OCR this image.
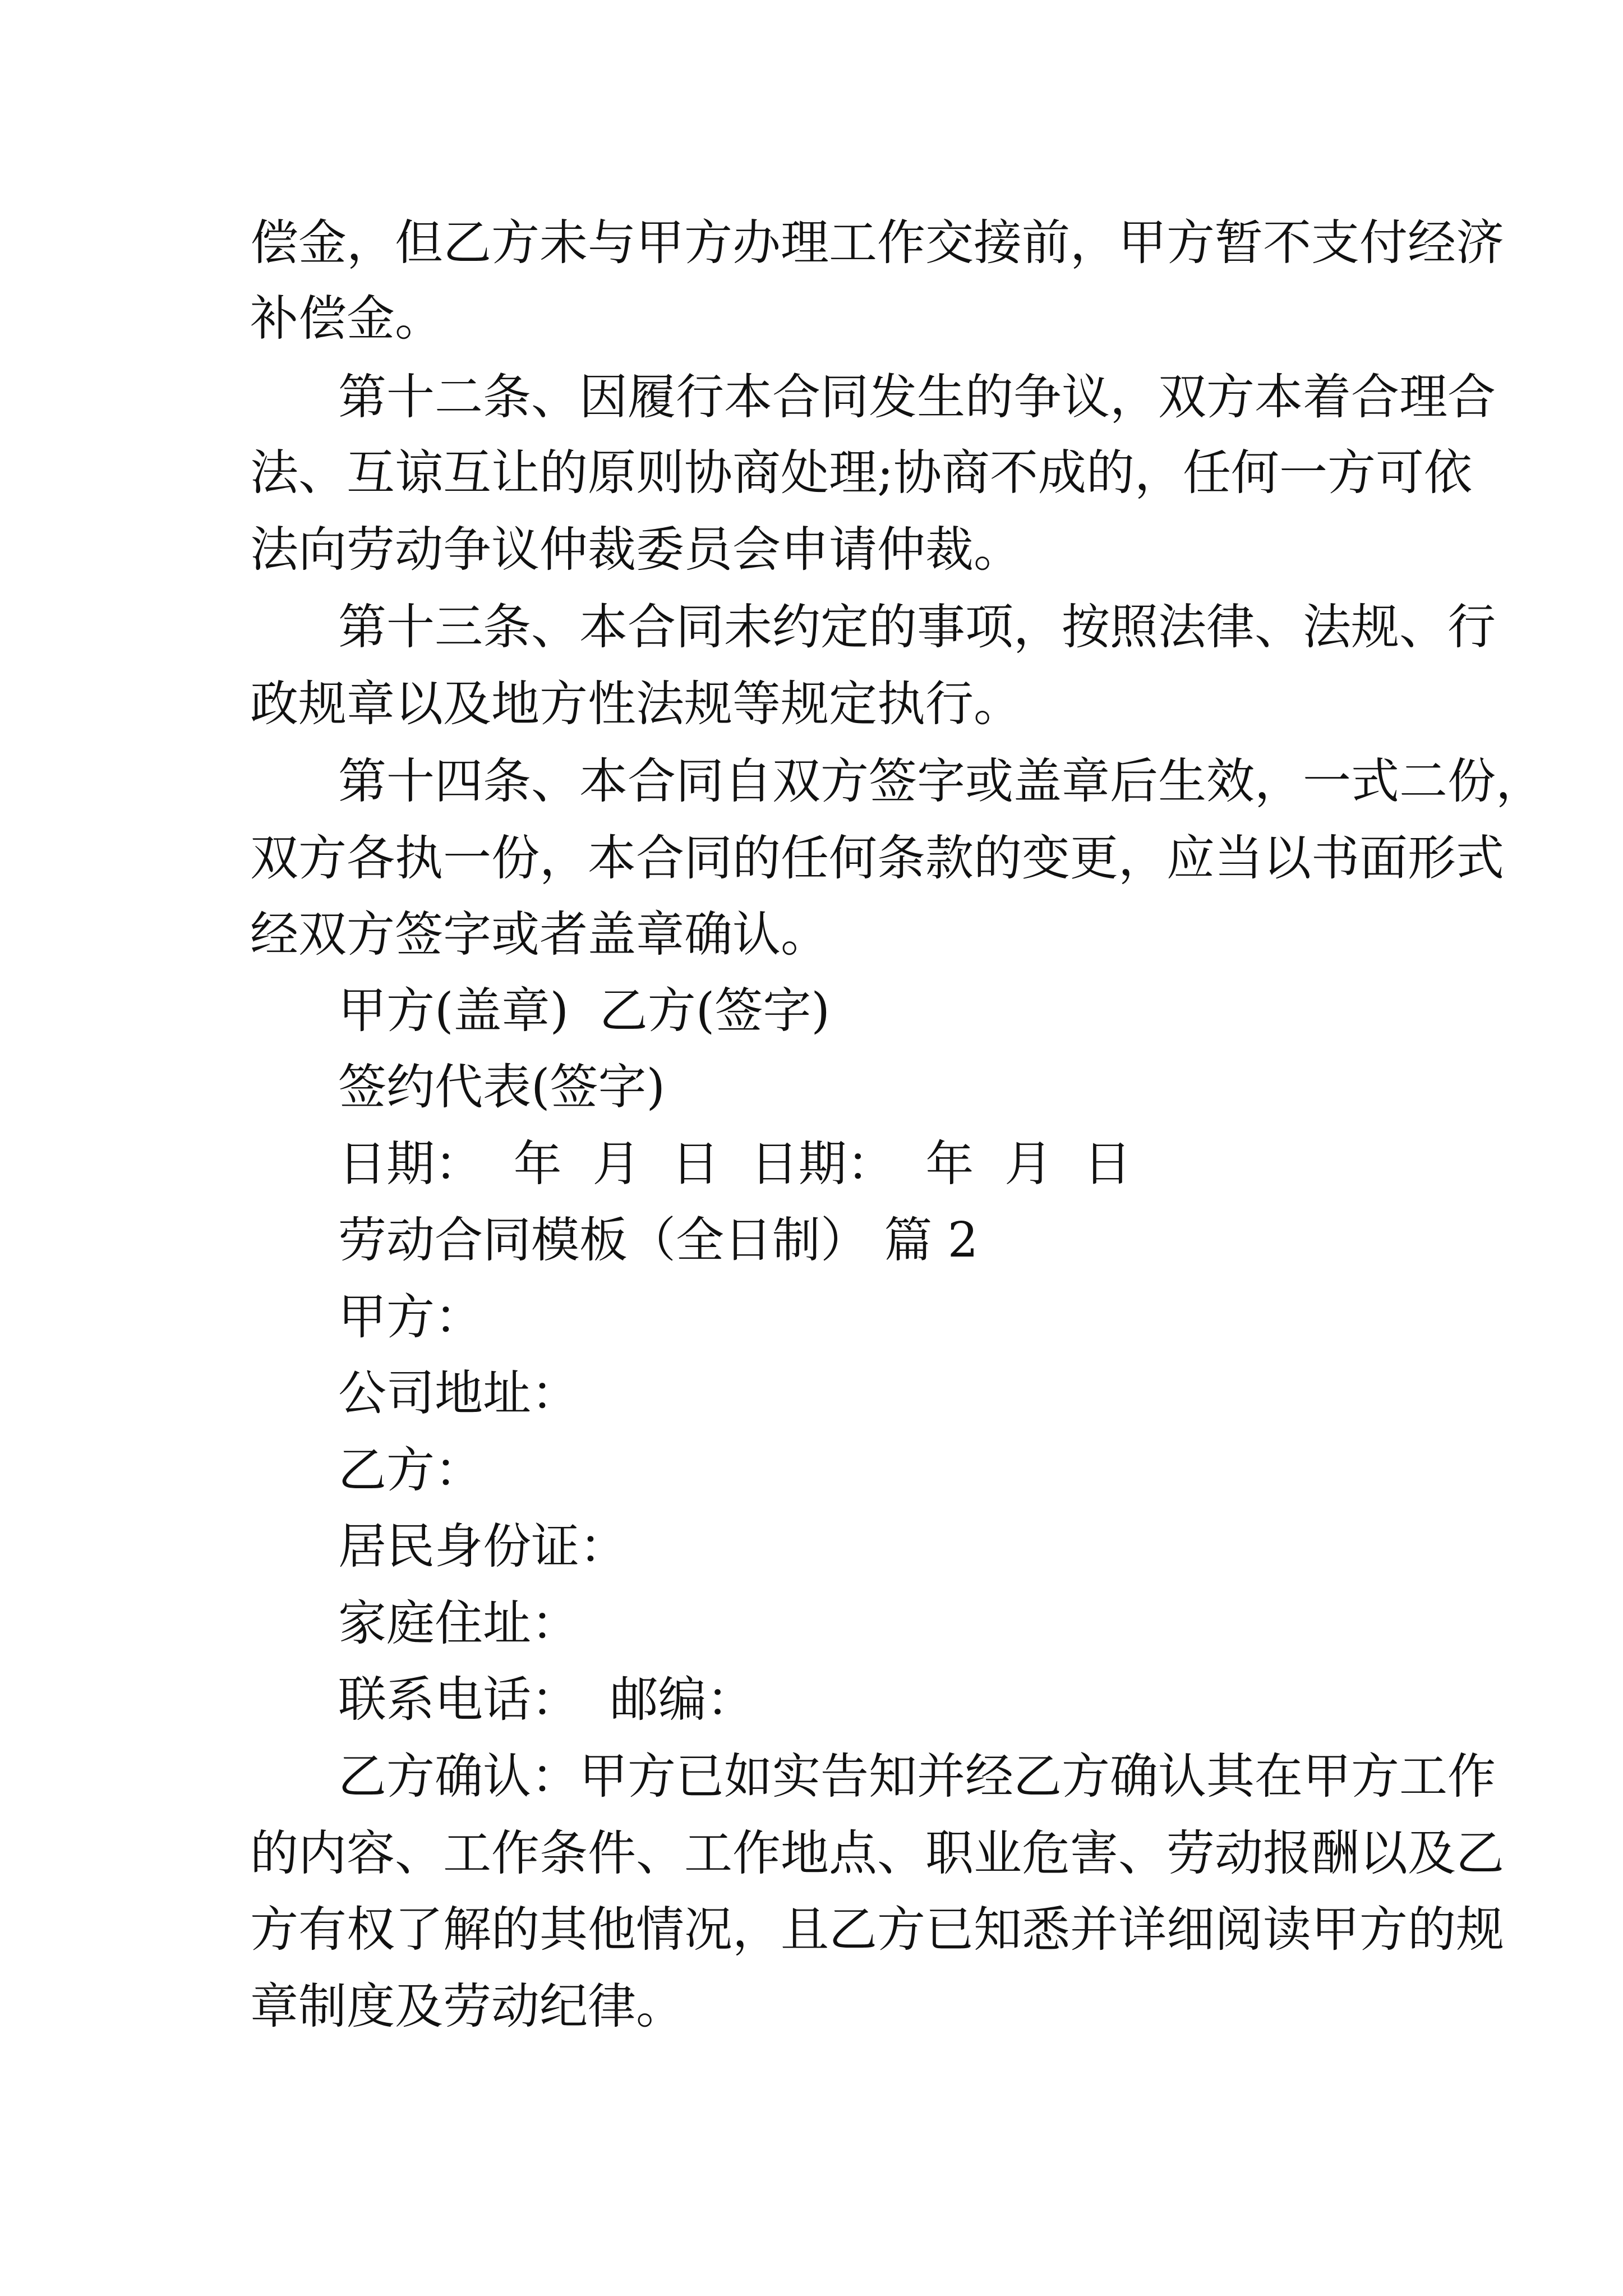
偿金，但乙方未与甲方办理工作交接前，甲方暂不支付经济
补偿金。
第十二条、因履行本合同发生的争议，双方本着合理合
法、互谅互让的原则协商处理;协商不成的，任何一方可依
法向劳动争议仲裁委员会申请仲裁。
第十三条、本合同未约定的事项，按照法律、法规、行
政规章以及地方性法规等规定执行。
第十四条、本合同自双方签字或盖章后生效，一式二份，
双方各执一份，本合同的任何条款的变更，应当以书面形式
经双方签字或者盖章确认。
甲方(盖章)  乙方(签字)
签约代表(签字)
日期：  年  月  日  日期：  年  月  日
劳动合同模板（全日制） 篇 2
甲方：
公司地址：
乙方：
居民身份证：
家庭住址：
联系电话：  邮编：
乙方确认：甲方已如实告知并经乙方确认其在甲方工作
的内容、工作条件、工作地点、职业危害、劳动报酬以及乙
方有权了解的其他情况，且乙方已知悉并详细阅读甲方的规
章制度及劳动纪律。
